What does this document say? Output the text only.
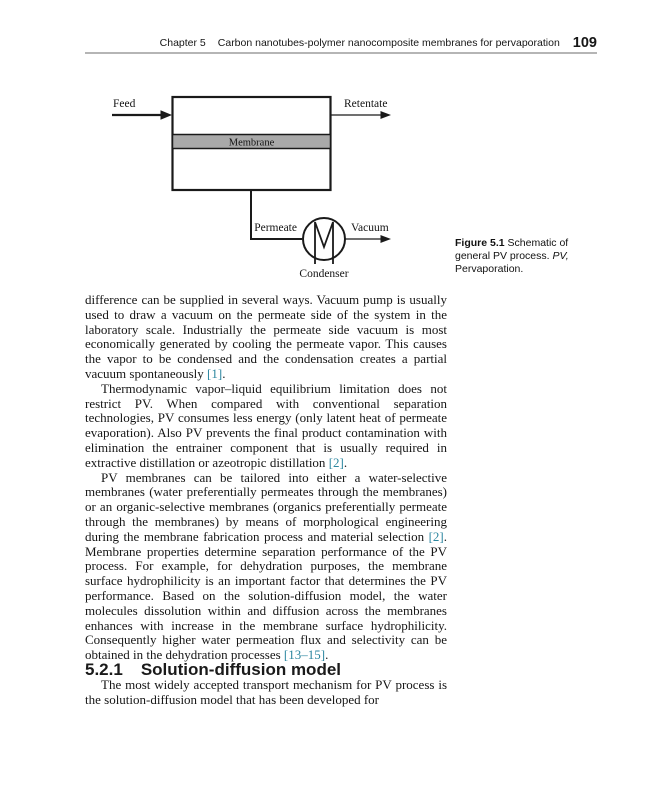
Chapter 5 Carbon nanotubes-polymer nanocomposite membranes for pervaporation 109
Membrane
Feed	Retentate
Permeate
Condenser
Vacuum
Figure 5.1 Schematic of general PV process. PV, Pervaporation.

difference can be supplied in several ways. Vacuum pump is usually used to draw a vacuum on the permeate side of the system in the laboratory scale. Industrially the permeate side vacuum is most economically generated by cooling the permeate vapor. This causes the vapor to be condensed and the condensation creates a partial vacuum spontaneously [1].

Thermodynamic vapor–liquid equilibrium limitation does not restrict PV. When compared with conventional separation technologies, PV consumes less energy (only latent heat of permeate evaporation). Also PV prevents the final product contamination with elimination the entrainer component that is usually required in extractive distillation or azeotropic distillation [2].

PV membranes can be tailored into either a water-selective membranes (water preferentially permeates through the membranes) or an organic-selective membranes (organics preferentially permeate through the membranes) by means of morphological engineering during the membrane fabrication process and material selection [2]. Membrane properties determine separation performance of the PV process. For example, for dehydration purposes, the membrane surface hydrophilicity is an important factor that determines the PV performance. Based on the solution-diffusion model, the water molecules dissolution within and diffusion across the membranes enhances with increase in the membrane surface hydrophilicity. Consequently higher water permeation flux and selectivity can be obtained in the dehydration processes [13–15].

5.2.1 Solution-diffusion model

The most widely accepted transport mechanism for PV process is the solution-diffusion model that has been developed for
